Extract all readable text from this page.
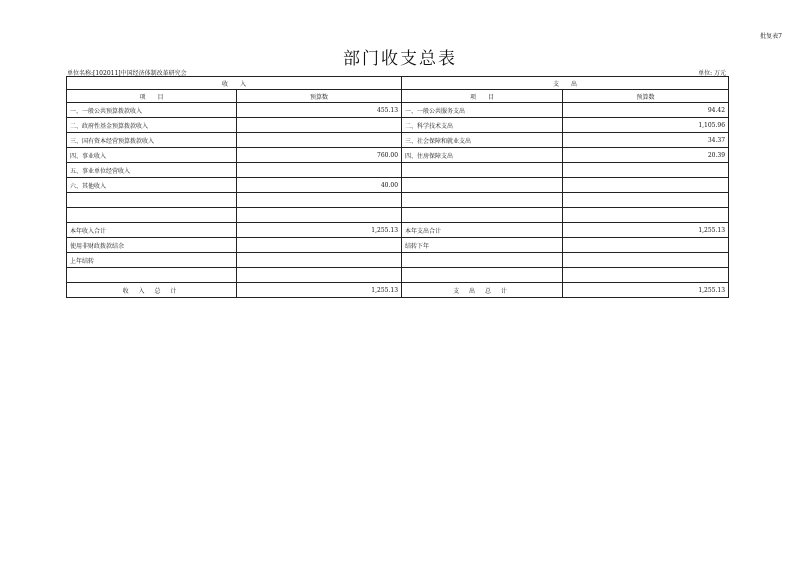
批复表7
部门收支总表
单位名称:[102011]中国经济体制改革研究会	单位: 万元
收　　入		支　　出	
项　　目	预算数	项　　目	预算数
一、一般公共预算拨款收入	455.13	一、一般公共服务支出	94.42
二、政府性基金预算拨款收入		二、科学技术支出	1,105.96
三、国有资本经营预算拨款收入		三、社会保障和就业支出	34.37
四、事业收入	760.00	四、住房保障支出	20.39
五、事业单位经营收入			
六、其他收入	40.00		

本年收入合计	1,255.13	本年支出合计	1,255.13
使用非财政拨款结余		结转下年	
上年结转			

收 入 总 计	1,255.13	支 出 总 计	1,255.13
